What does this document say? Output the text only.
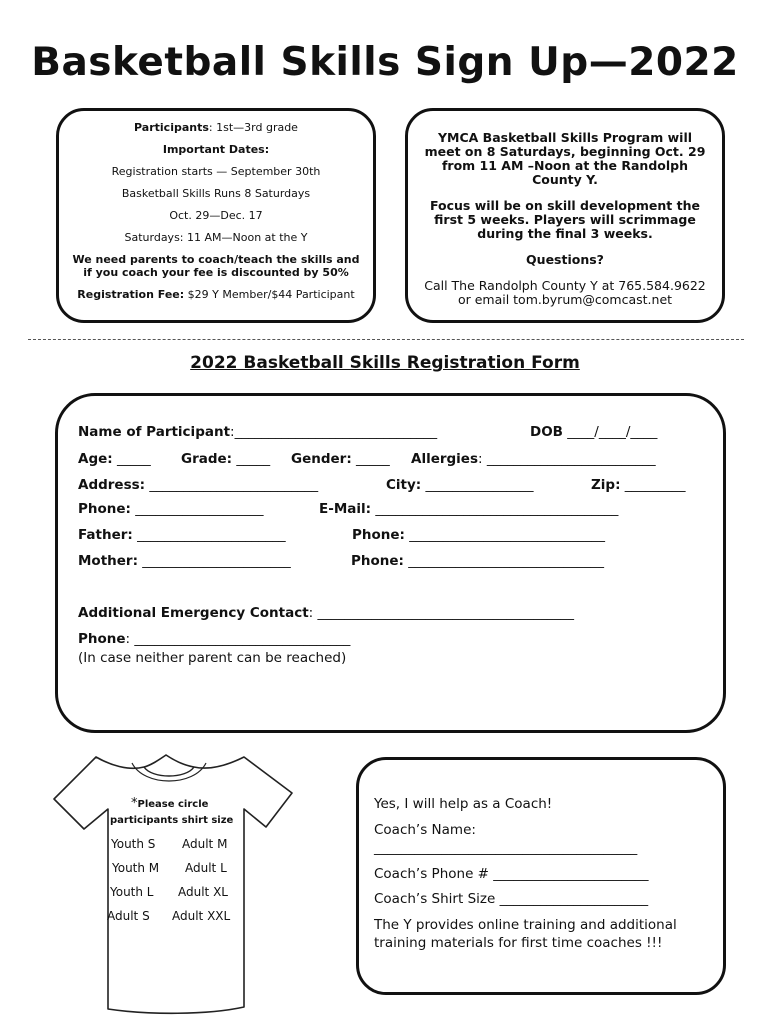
Basketball Skills Sign Up—2022

Participants: 1st—3rd grade

Important Dates:

Registration starts — September 30th

Basketball Skills Runs 8 Saturdays

Oct. 29—Dec. 17

Saturdays: 11 AM—Noon at the Y

We need parents to coach/teach the skills and

if you coach your fee is discounted by 50%

Registration Fee: $29 Y Member/$44 Participant

YMCA Basketball Skills Program will

meet on 8 Saturdays, beginning Oct. 29

from 11 AM –Noon at the Randolph

County Y.

Focus will be on skill development the

first 5 weeks. Players will scrimmage

during the final 3 weeks.

Questions?

Call The Randolph County Y at 765.584.9622

or email tom.byrum@comcast.net

2022 Basketball Skills Registration Form
Name of Participant:______________________________	DOB ____/____/____
Age: _____ Grade: _____ Gender: _____ Allergies: _________________________
Address: _________________________	City: ________________	Zip: _________
Phone: ___________________	E-Mail: ____________________________________
Father: ______________________	Phone: _____________________________
Mother: ______________________	Phone: _____________________________
Additional Emergency Contact: ______________________________________
Phone: ________________________________
(In case neither parent can be reached)
*Please circle
participants shirt size
Youth S Adult M
Youth M Adult L
Youth L Adult XL
Adult S Adult XXL
Yes, I will help as a Coach!
Coach’s Name:
_______________________________________
Coach’s Phone # _______________________
Coach’s Shirt Size ______________________
The Y provides online training and additional
training materials for first time coaches !!!
